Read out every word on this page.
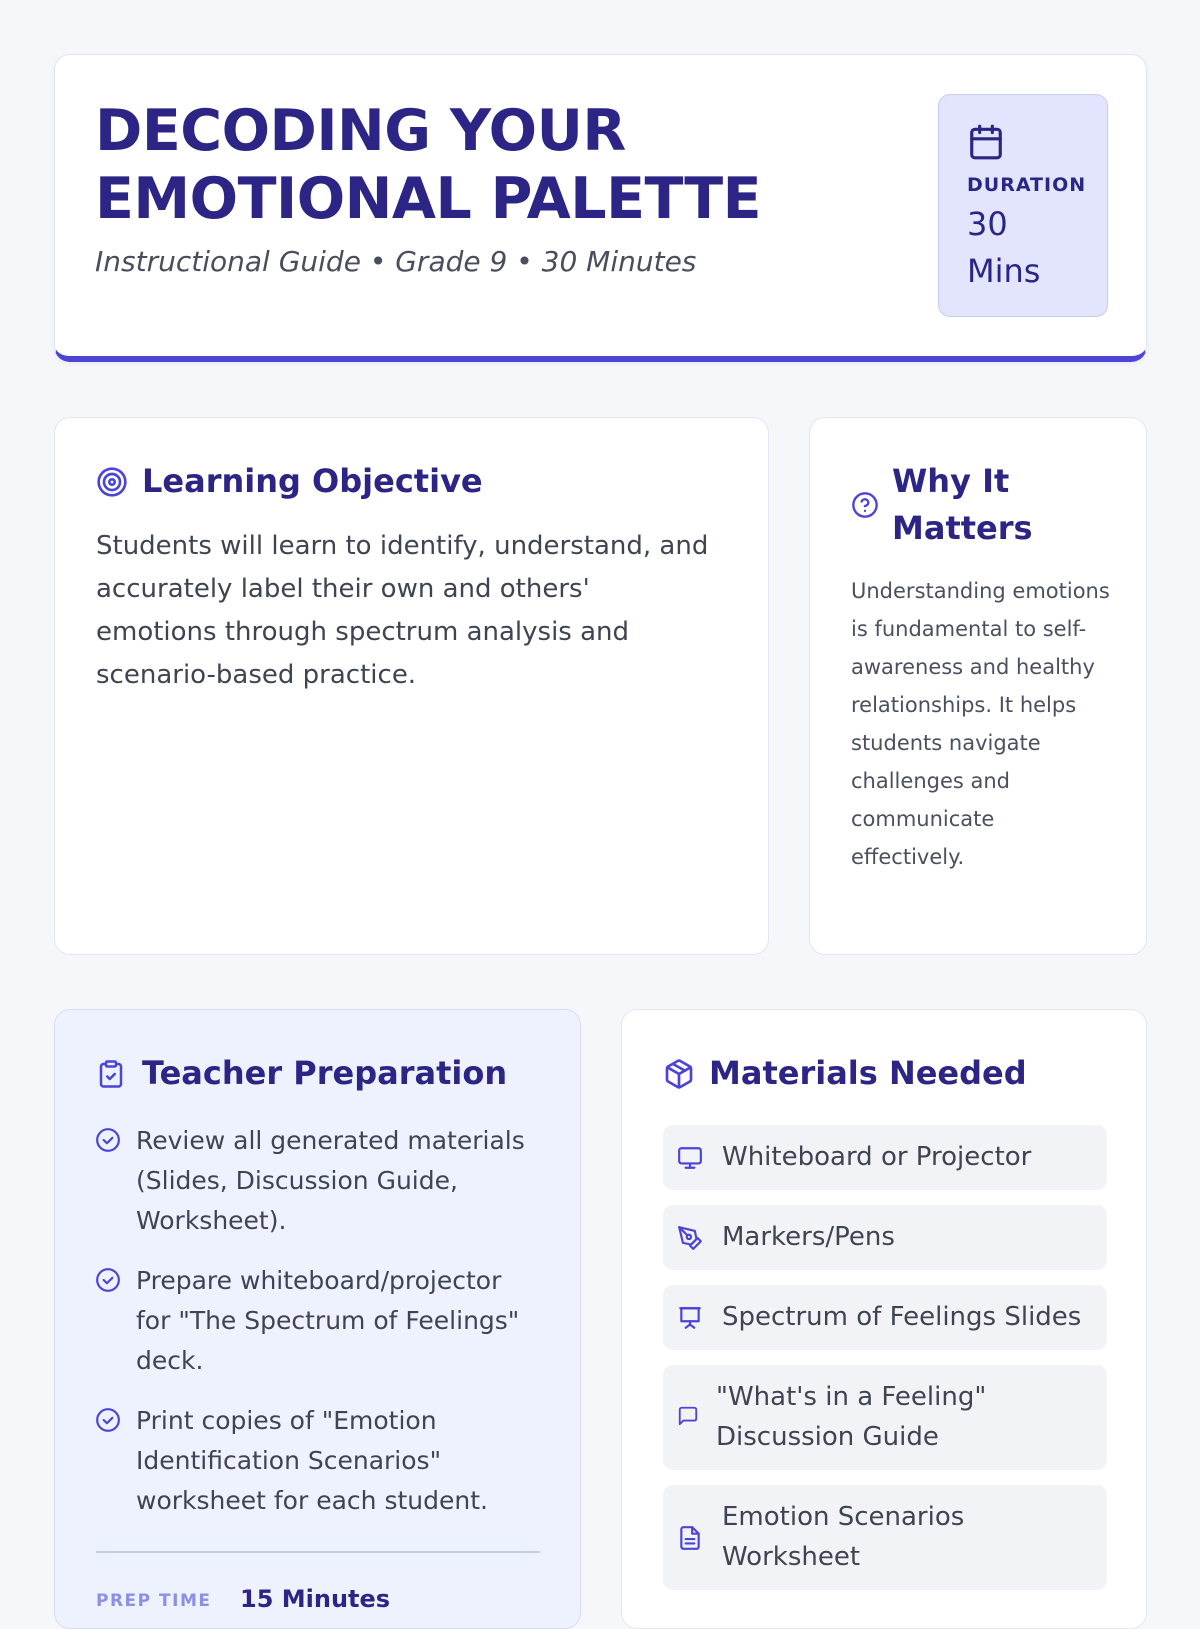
DECODING YOUR EMOTIONAL PALETTE
Instructional Guide • Grade 9 • 30 Minutes
DURATION
30 Mins
Learning Objective
Students will learn to identify, understand, and accurately label their own and others' emotions through spectrum analysis and scenario-based practice.
Why It Matters
Understanding emotions is fundamental to self-awareness and healthy relationships. It helps students navigate challenges and communicate effectively.
Teacher Preparation
Review all generated materials (Slides, Discussion Guide, Worksheet).
Prepare whiteboard/projector for "The Spectrum of Feelings" deck.
Print copies of "Emotion Identification Scenarios" worksheet for each student.
PREP TIME 15 Minutes
Materials Needed
Whiteboard or Projector
Markers/Pens
Spectrum of Feelings Slides
"What's in a Feeling" Discussion Guide
Emotion Scenarios Worksheet
